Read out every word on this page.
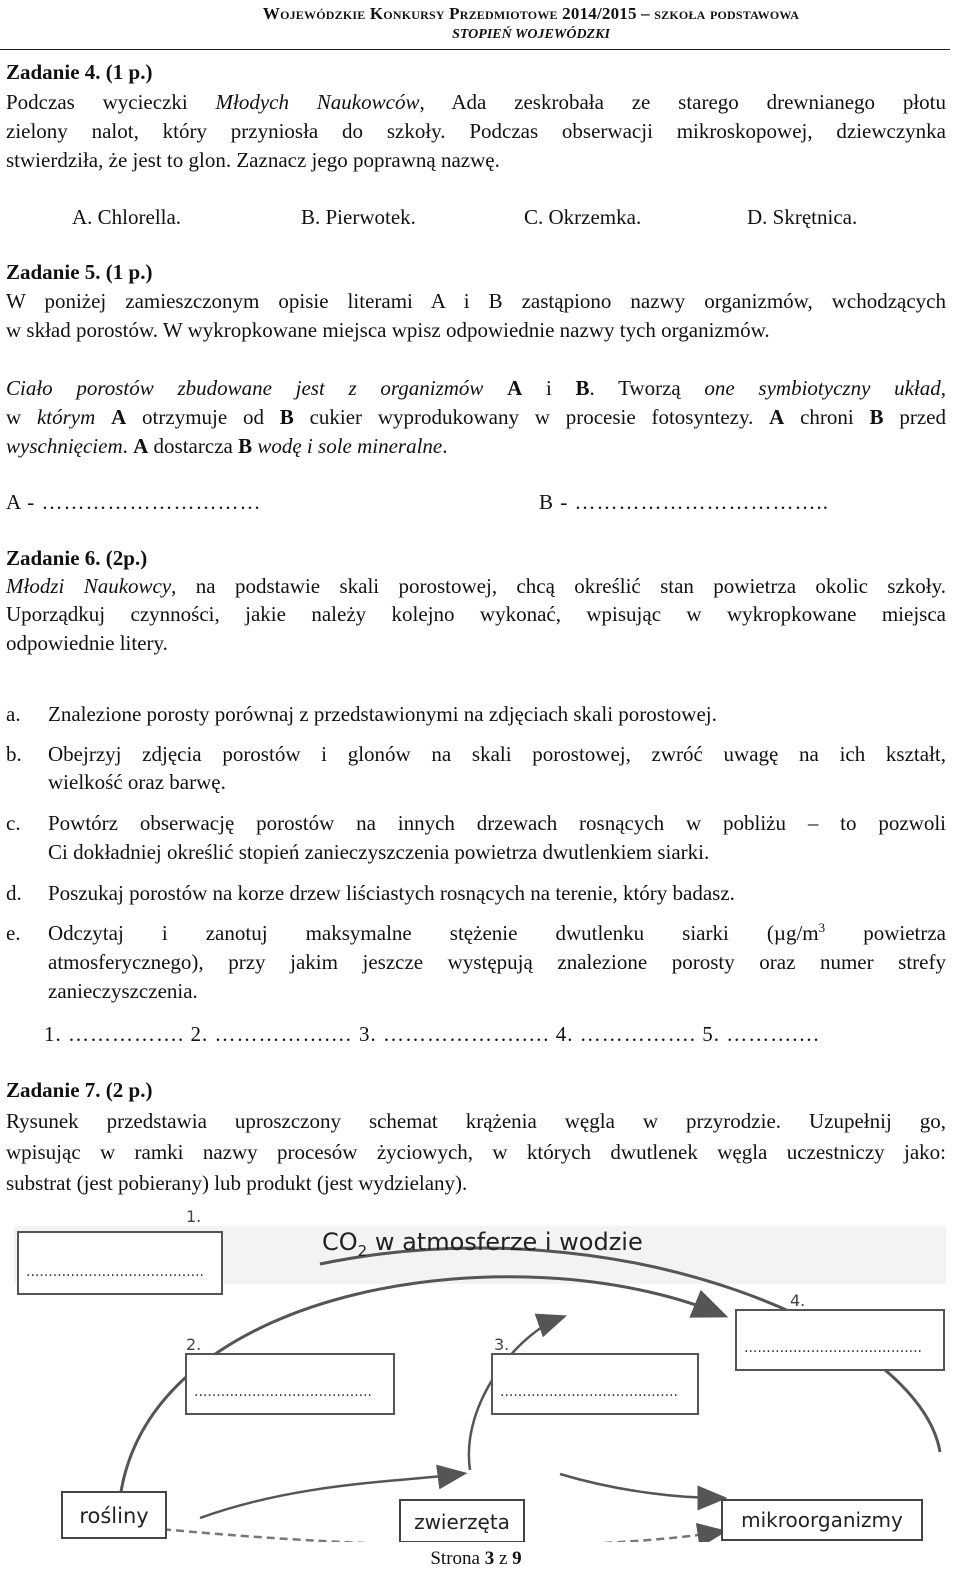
Wojewódzkie Konkursy Przedmiotowe 2014/2015 – szkoła podstawowa
STOPIEŃ WOJEWÓDZKI
Zadanie 4. (1 p.)
Podczas wycieczki Młodych Naukowców, Ada zeskrobała ze starego drewnianego płotu
zielony nalot, który przyniosła do szkoły. Podczas obserwacji mikroskopowej, dziewczynka
stwierdziła, że jest to glon. Zaznacz jego poprawną nazwę.
A. Chlorella.	B. Pierwotek.	C. Okrzemka.	D. Skrętnica.
Zadanie 5. (1 p.)
W poniżej zamieszczonym opisie literami A i B zastąpiono nazwy organizmów, wchodzących
w skład porostów. W wykropkowane miejsca wpisz odpowiednie nazwy tych organizmów.
Ciało porostów zbudowane jest z organizmów A i B. Tworzą one symbiotyczny układ,
w którym A otrzymuje od B cukier wyprodukowany w procesie fotosyntezy. A chroni B przed
wyschnięciem. A dostarcza B wodę i sole mineralne.
A - …………………………	B - ……………………………..
Zadanie 6. (2p.)
Młodzi Naukowcy, na podstawie skali porostowej, chcą określić stan powietrza okolic szkoły.
Uporządkuj czynności, jakie należy kolejno wykonać, wpisując w wykropkowane miejsca
odpowiednie litery.
a. Znalezione porosty porównaj z przedstawionymi na zdjęciach skali porostowej.
b. Obejrzyj zdjęcia porostów i glonów na skali porostowej, zwróć uwagę na ich kształt,
wielkość oraz barwę.
c. Powtórz obserwację porostów na innych drzewach rosnących w pobliżu – to pozwoli
Ci dokładniej określić stopień zanieczyszczenia powietrza dwutlenkiem siarki.
d. Poszukaj porostów na korze drzew liściastych rosnących na terenie, który badasz.
e. Odczytaj i zanotuj maksymalne stężenie dwutlenku siarki ($\mu g/m^3$ powietrza
atmosferycznego), przy jakim jeszcze występują znalezione porosty oraz numer strefy
zanieczyszczenia.
1. ……………. 2. …………….… 3. ……………….…. 4. ……………. 5. ……….…
Zadanie 7. (2 p.)
Rysunek przedstawia uproszczony schemat krążenia węgla w przyrodzie. Uzupełnij go,
wpisując w ramki nazwy procesów życiowych, w których dwutlenek węgla uczestniczy jako:
substrat (jest pobierany) lub produkt (jest wydzielany).
$CO_2$ w atmosferze i wodzie
1.
2.	3.
4.
........................................
........................................	........................................
........................................
rośliny	zwierzęta	mikroorganizmy
Strona 3 z 9
